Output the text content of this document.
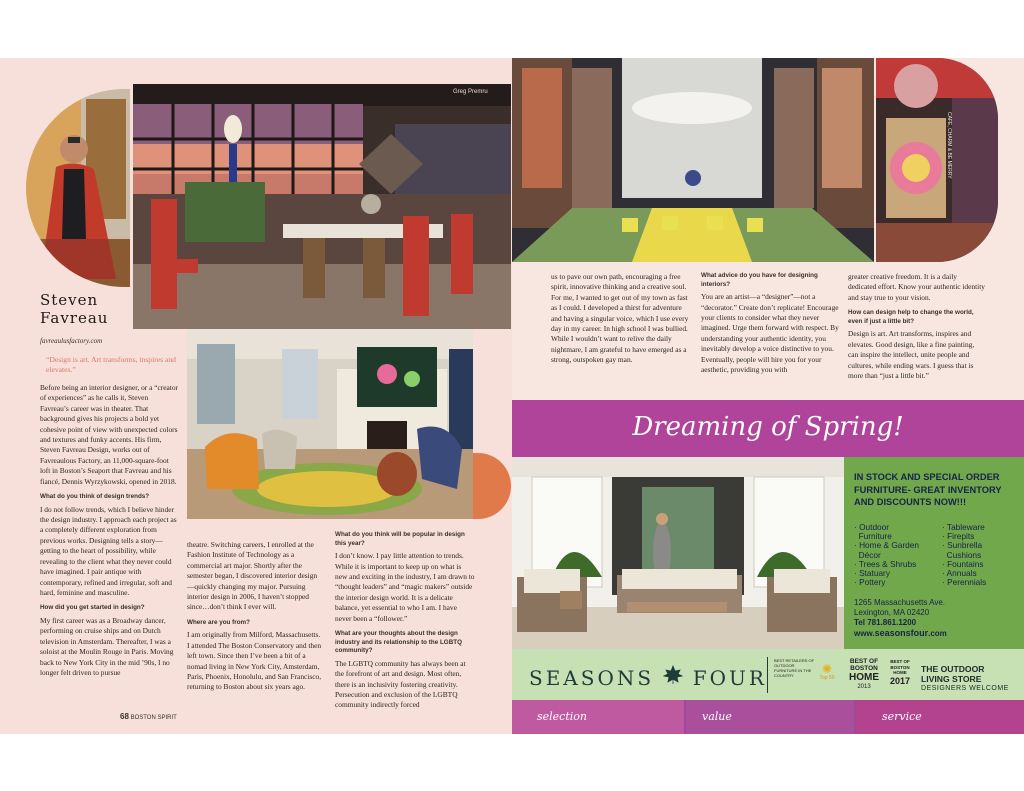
Greg Premru
Steven
Favreau
favreaulusfactory.com
“Design is art. Art transforms, inspires and elevates.”

Before being an interior designer, or a “creator of experiences” as he calls it, Steven Favreau’s career was in theater. That background gives his projects a bold yet cohesive point of view with unexpected colors and textures and funky accents. His firm, Steven Favreau Design, works out of Favreaulous Factory, an 11,000-square-foot loft in Boston’s Seaport that Favreau and his fiancé, Dennis Wyrzykowski, opened in 2018.

What do you think of design trends?

I do not follow trends, which I believe hinder the design industry. I approach each project as a completely different exploration from previous works. Designing tells a story—getting to the heart of possibility, while revealing to the client what they never could have imagined. I pair antique with contemporary, refined and irregular, soft and hard, feminine and masculine.

How did you get started in design?

My first career was as a Broadway dancer, performing on cruise ships and on Dutch television in Amsterdam. Thereafter, I was a soloist at the Moulin Rouge in Paris. Moving back to New York City in the mid ’90s, I no longer felt driven to pursue

theatre. Switching careers, I enrolled at the Fashion Institute of Technology as a commercial art major. Shortly after the semester began, I discovered interior design—quickly changing my major. Pursuing interior design in 2006, I haven’t stopped since…don’t think I ever will.

Where are you from?

I am originally from Milford, Massachusetts. I attended The Boston Conservatory and then left town. Since then I’ve been a bit of a nomad living in New York City, Amsterdam, Paris, Phoenix, Honolulu, and San Francisco, returning to Boston about six years ago.

What do you think will be popular in design this year?

I don’t know. I pay little attention to trends. While it is important to keep up on what is new and exciting in the industry, I am drawn to “thought leaders” and “magic makers” outside the interior design world. It is a delicate balance, yet essential to who I am. I have never been a “follower.”

What are your thoughts about the design industry and its relationship to the LGBTQ community?

The LGBTQ community has always been at the forefront of art and design. Most often, there is an inclusivity fostering creativity. Persecution and exclusion of the LGBTQ community indirectly forced

68 BOSTON SPIRIT
CAFE, CHARM & BE MERRY

us to pave our own path, encouraging a free spirit, innovative thinking and a creative soul. For me, I wanted to get out of my town as fast as I could. I developed a thirst for adventure and having a singular voice, which I use every day in my career. In high school I was bullied. While I wouldn’t want to relive the daily nightmare, I am grateful to have emerged as a strong, outspoken gay man.

What advice do you have for designing interiors?

You are an artist—a “designer”—not a “decorator.” Create don’t replicate! Encourage your clients to consider what they never imagined. Urge them forward with respect. By understanding your authentic identity, you inevitably develop a voice distinctive to you. Eventually, people will hire you for your aesthetic, providing you with

greater creative freedom. It is a daily dedicated effort. Know your authentic identity and stay true to your vision.

How can design help to change the world, even if just a little bit?

Design is art. Art transforms, inspires and elevates. Good design, like a fine painting, can inspire the intellect, unite people and cultures, while ending wars. I guess that is more than “just a little bit.”

Dreaming of Spring!
IN STOCK AND SPECIAL ORDER FURNITURE- GREAT INVENTORY AND DISCOUNTS NOW!!!
· Outdoor
Furniture
· Home & Garden
Décor
· Trees & Shrubs
· Statuary
· Pottery
· Tableware
· Firepits
· Sunbrella
Cushions
· Fountains
· Annuals
· Perennials
1265 Massachusetts Ave.
Lexington, MA 02420
Tel 781.861.1200
www.seasonsfour.com
SEASONS FOUR
BEST RETAILERS OF OUTDOOR FURNITURE IN THE COUNTRY	✺
Top 50
BEST OF BOSTON
HOME
2013
BEST OF BOSTON HOME
2017
THE OUTDOOR
LIVING STORE
DESIGNERS WELCOME
selection	value	service
